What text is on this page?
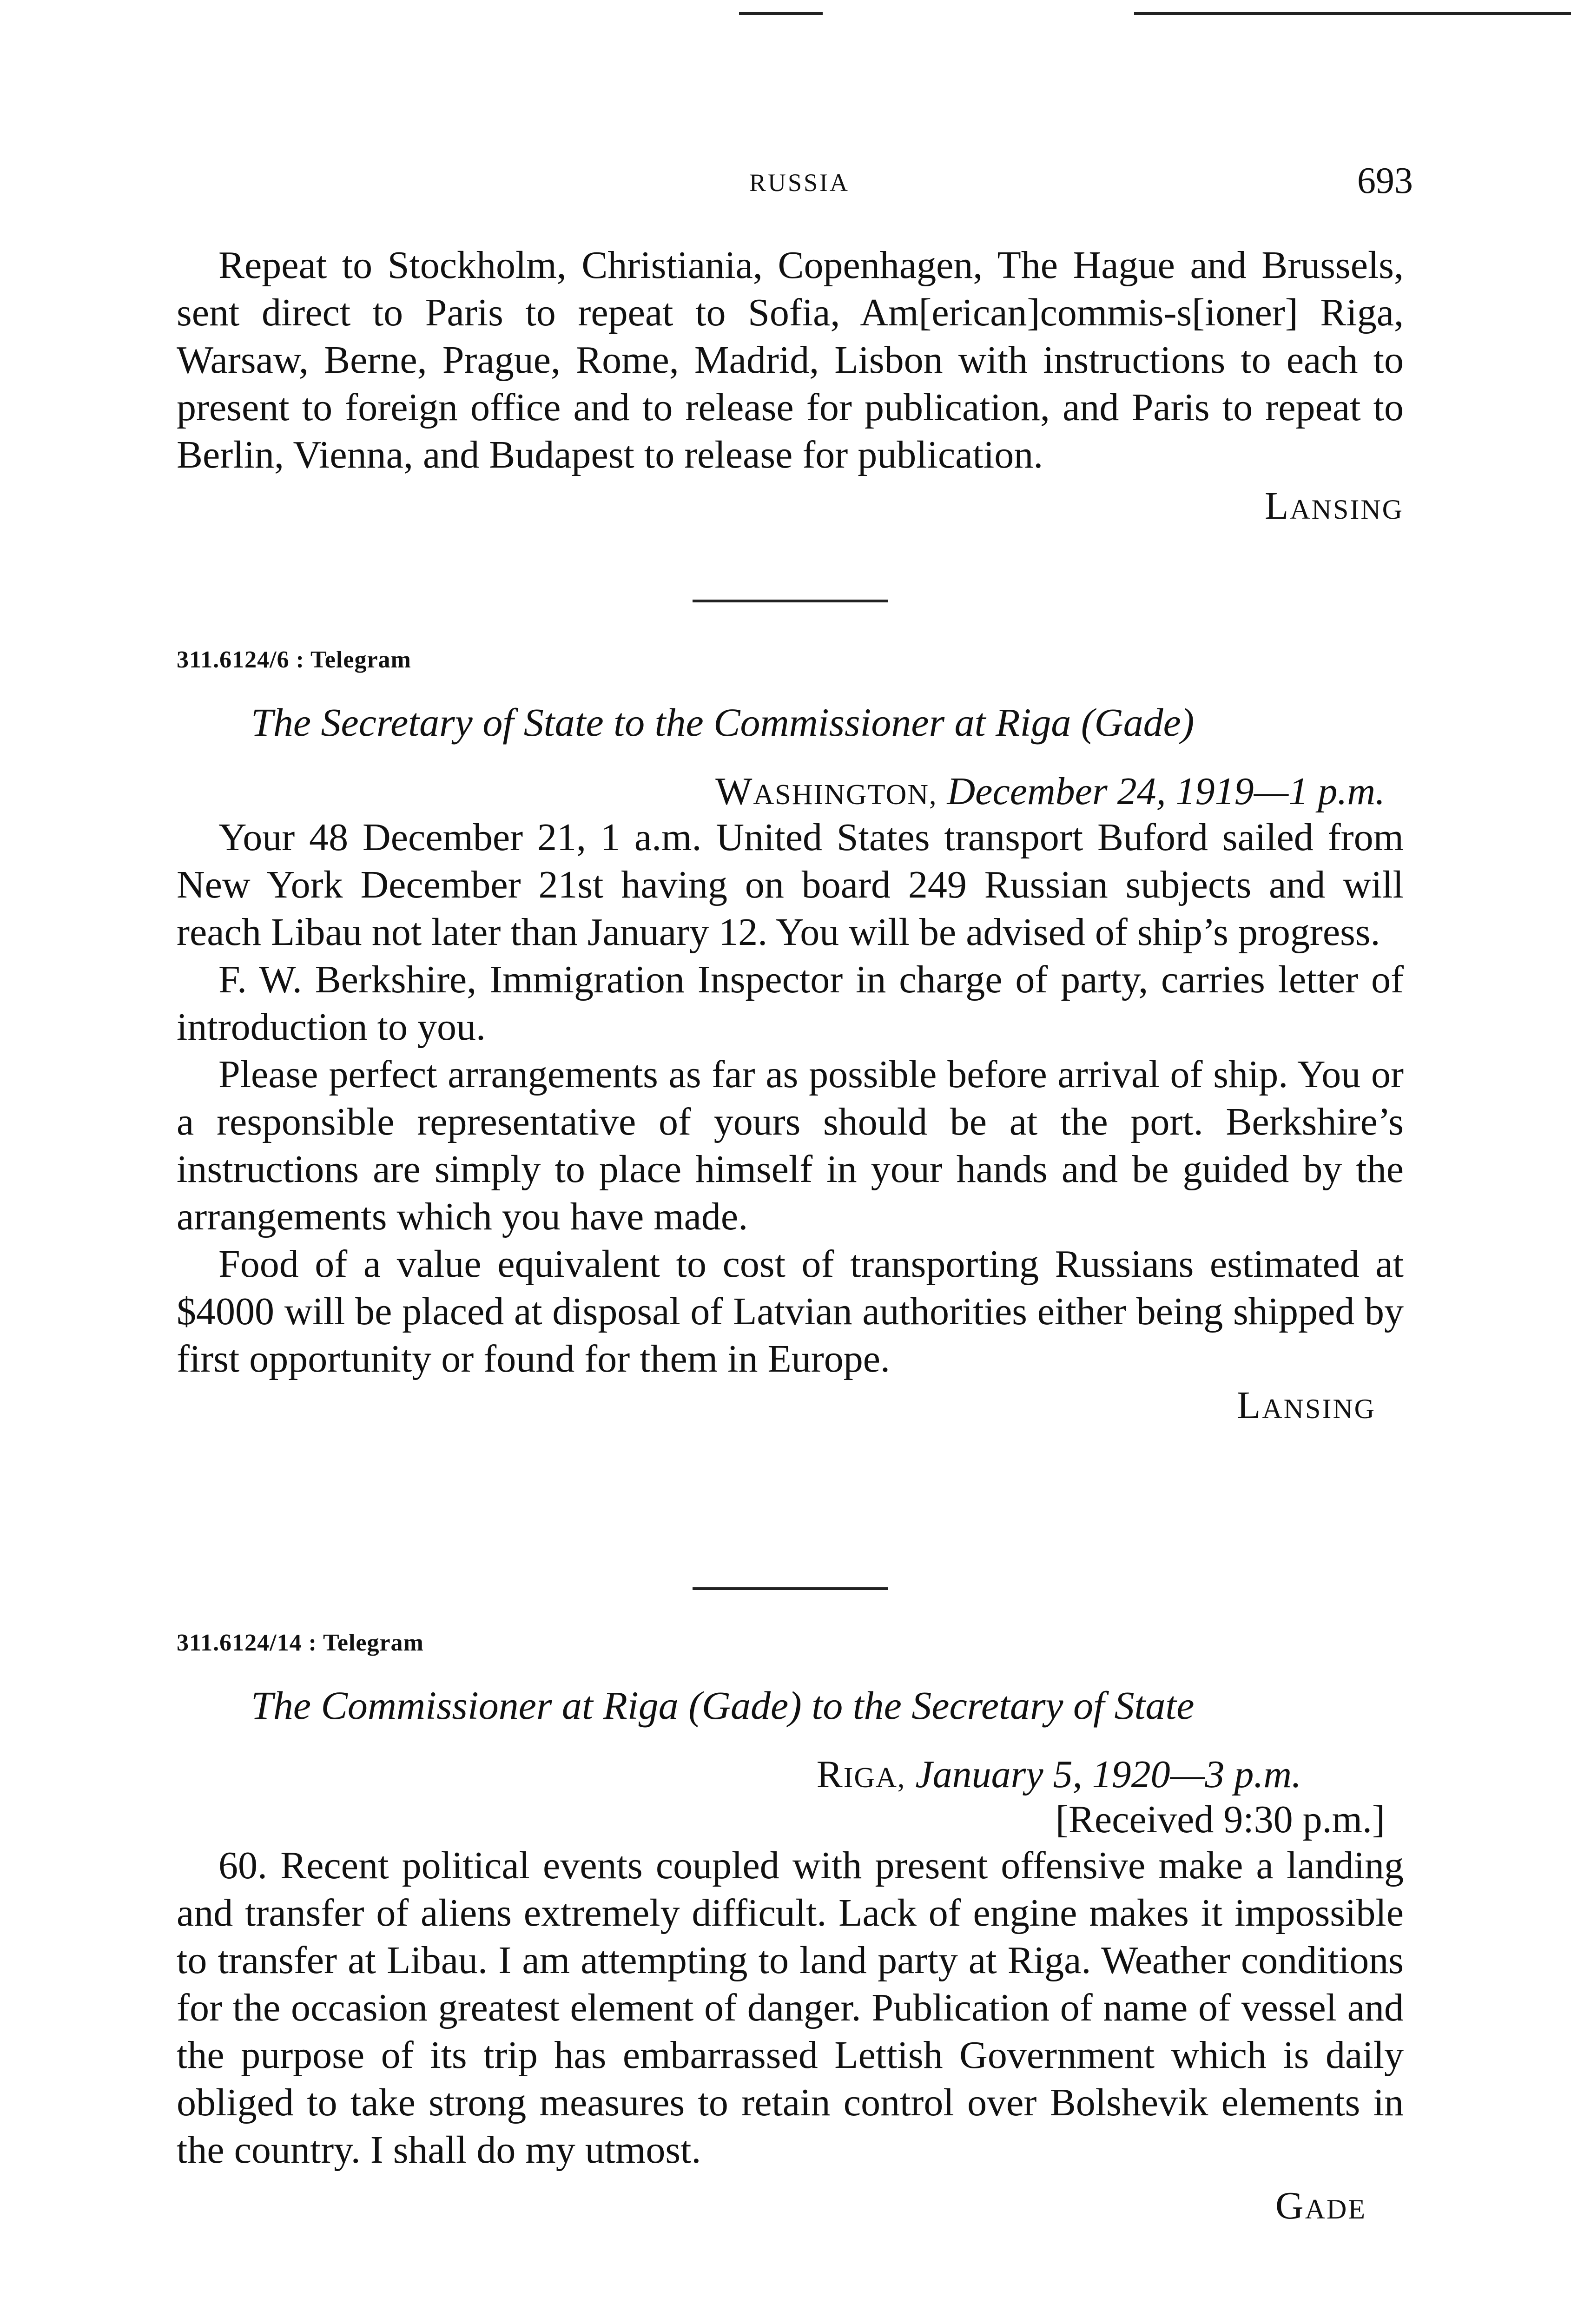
RUSSIA	693

Repeat to Stockholm, Christiania, Copenhagen, The Hague and Brussels, sent direct to Paris to repeat to Sofia, Am[erican]commis-s[ioner] Riga, Warsaw, Berne, Prague, Rome, Madrid, Lisbon with instructions to each to present to foreign office and to release for publication, and Paris to repeat to Berlin, Vienna, and Budapest to release for publication.

LANSING

311.6124/6 : Telegram

The Secretary of State to the Commissioner at Riga (Gade)

WASHINGTON, December 24, 1919—1 p.m.

Your 48 December 21, 1 a.m. United States transport Buford sailed from New York December 21st having on board 249 Russian subjects and will reach Libau not later than January 12. You will be advised of ship’s progress.

F. W. Berkshire, Immigration Inspector in charge of party, carries letter of introduction to you.

Please perfect arrangements as far as possible before arrival of ship. You or a responsible representative of yours should be at the port. Berkshire’s instructions are simply to place himself in your hands and be guided by the arrangements which you have made.

Food of a value equivalent to cost of transporting Russians estimated at $4000 will be placed at disposal of Latvian authorities either being shipped by first opportunity or found for them in Europe.

LANSING

311.6124/14 : Telegram

The Commissioner at Riga (Gade) to the Secretary of State

RIGA, January 5, 1920—3 p.m.

[Received 9:30 p.m.]

60. Recent political events coupled with present offensive make a landing and transfer of aliens extremely difficult. Lack of engine makes it impossible to transfer at Libau. I am attempting to land party at Riga. Weather conditions for the occasion greatest element of danger. Publication of name of vessel and the purpose of its trip has embarrassed Lettish Government which is daily obliged to take strong measures to retain control over Bolshevik elements in the country. I shall do my utmost.

GADE
